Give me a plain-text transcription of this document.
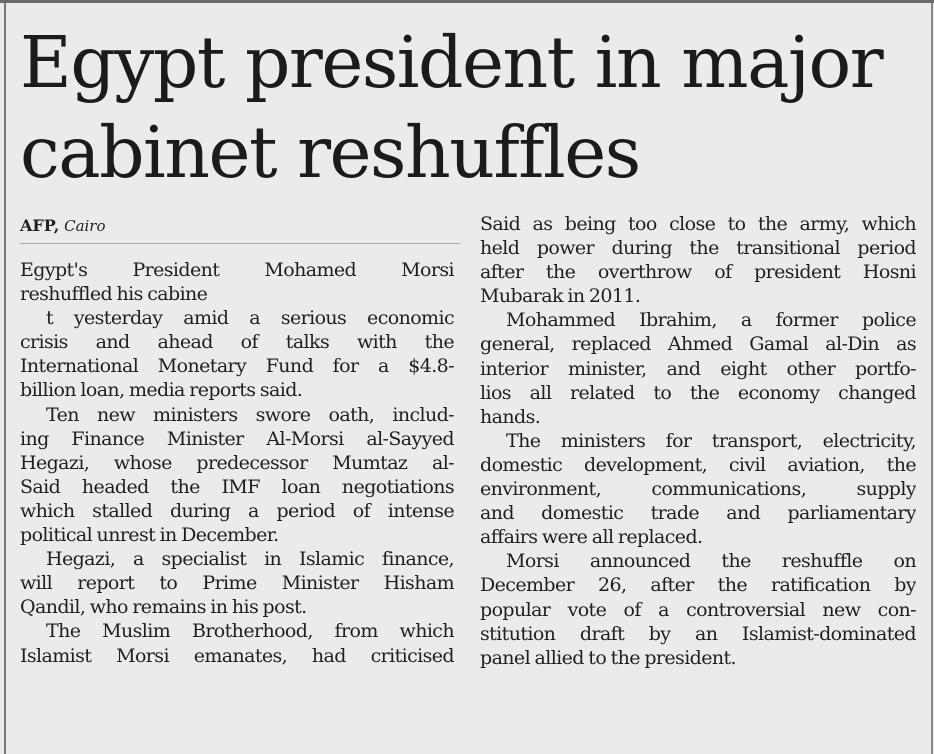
Egypt president in major
cabinet reshuffles
AFP, Cairo
Egypt's President Mohamed Morsi
reshuffled his cabine
t yesterday amid a serious economic
crisis and ahead of talks with the
International Monetary Fund for a $4.8-
billion loan, media reports said.
Ten new ministers swore oath, includ-
ing Finance Minister Al-Morsi al-Sayyed
Hegazi, whose predecessor Mumtaz al-
Said headed the IMF loan negotiations
which stalled during a period of intense
political unrest in December.
Hegazi, a specialist in Islamic finance,
will report to Prime Minister Hisham
Qandil, who remains in his post.
The Muslim Brotherhood, from which
Islamist Morsi emanates, had criticised
Said as being too close to the army, which
held power during the transitional period
after the overthrow of president Hosni
Mubarak in 2011.
Mohammed Ibrahim, a former police
general, replaced Ahmed Gamal al-Din as
interior minister, and eight other portfo-
lios all related to the economy changed
hands.
The ministers for transport, electricity,
domestic development, civil aviation, the
environment, communications, supply
and domestic trade and parliamentary
affairs were all replaced.
Morsi announced the reshuffle on
December 26, after the ratification by
popular vote of a controversial new con-
stitution draft by an Islamist-dominated
panel allied to the president.
